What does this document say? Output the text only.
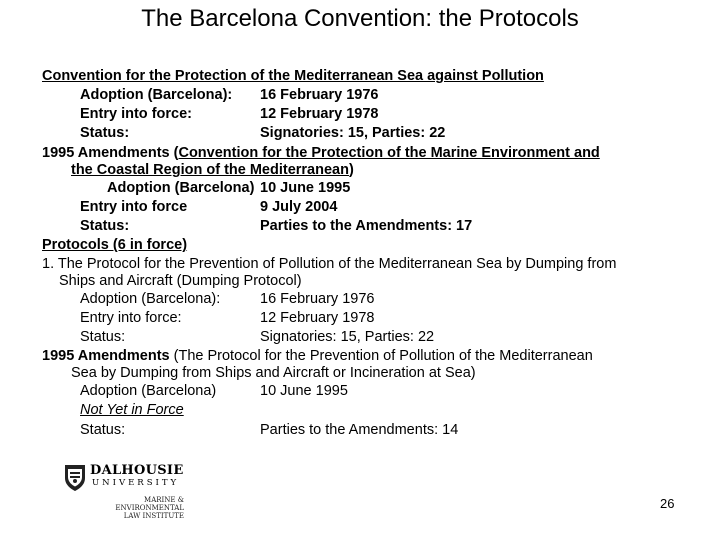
The Barcelona Convention: the Protocols
Convention for the Protection of the Mediterranean Sea against Pollution
Adoption (Barcelona): 16 February 1976
Entry into force:	12 February 1978
Status:	Signatories: 15, Parties: 22
1995 Amendments (Convention for the Protection of the Marine Environment and
the Coastal Region of the Mediterranean)
Adoption (Barcelona) 10 June 1995
Entry into force	9 July 2004
Status:	Parties to the Amendments: 17
Protocols (6 in force)
1. The Protocol for the Prevention of Pollution of the Mediterranean Sea by Dumping from
Ships and Aircraft (Dumping Protocol)
Adoption (Barcelona):	16 February 1976
Entry into force:	12 February 1978
Status:	Signatories: 15, Parties: 22
1995 Amendments (The Protocol for the Prevention of Pollution of the Mediterranean
Sea by Dumping from Ships and Aircraft or Incineration at Sea)
Adoption (Barcelona)	10 June 1995
Not Yet in Force
Status:	Parties to the Amendments: 14
DALHOUSIE
UNIVERSITY
MARINE &
ENVIRONMENTAL
LAW INSTITUTE
26
